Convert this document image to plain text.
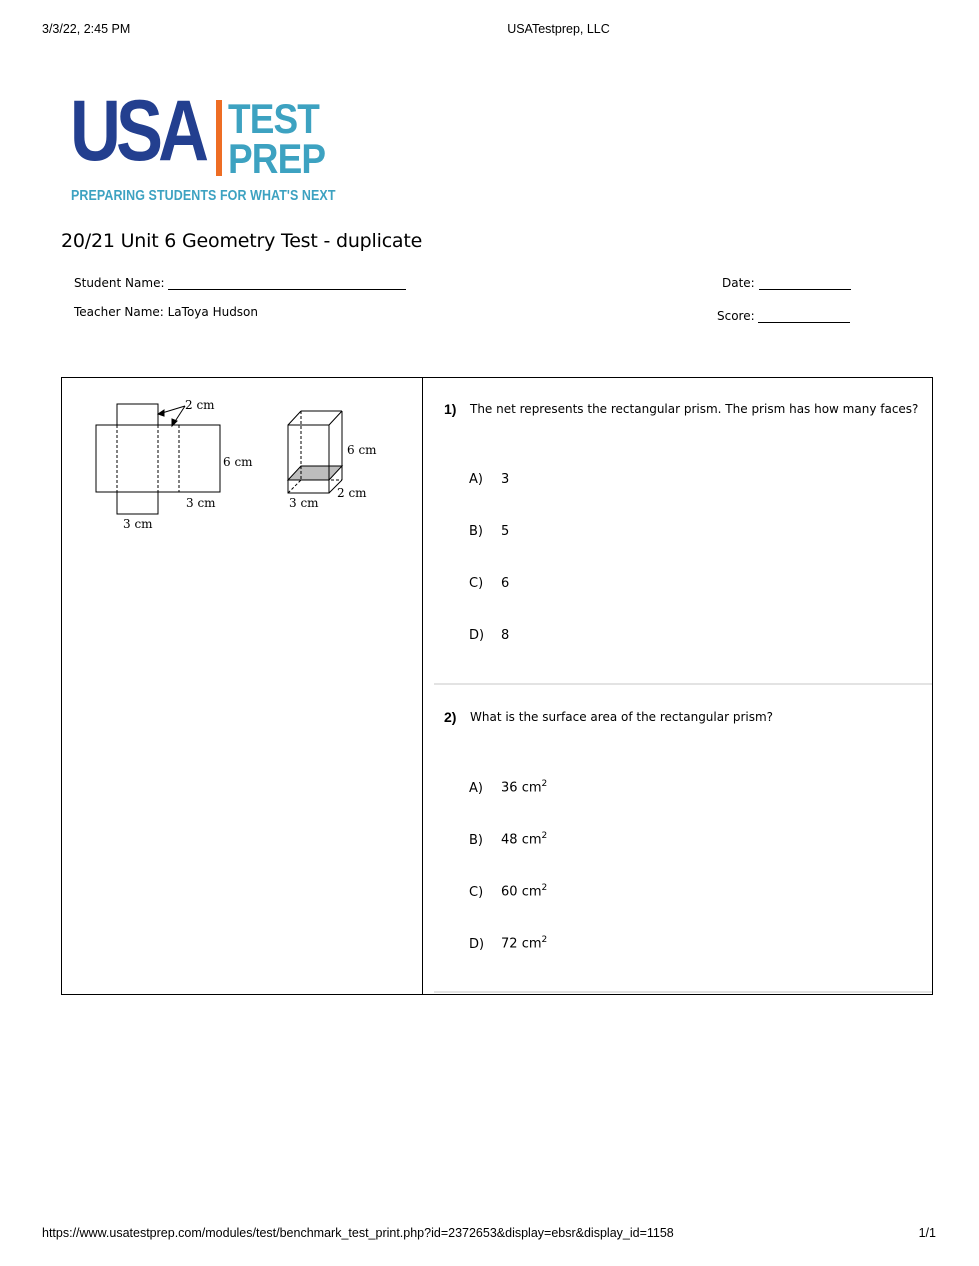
3/3/22, 2:45 PM	USATestprep, LLC
USA TEST
PREP
PREPARING STUDENTS FOR WHAT'S NEXT
20/21 Unit 6 Geometry Test - duplicate
Student Name:
Teacher Name: LaToya Hudson
Date:
Score:
2 cm
6 cm
3 cm
3 cm
6 cm
2 cm
3 cm
1) The net represents the rectangular prism. The prism has how many faces?
A) 3
B) 5
C) 6
D) 8
2) What is the surface area of the rectangular prism?
A) 36 $cm^2$
B) 48 $cm^2$
C) 60 $cm^2$
D) 72 $cm^2$
https://www.usatestprep.com/modules/test/benchmark_test_print.php?id=2372653&display=ebsr&display_id=1158	1/1
